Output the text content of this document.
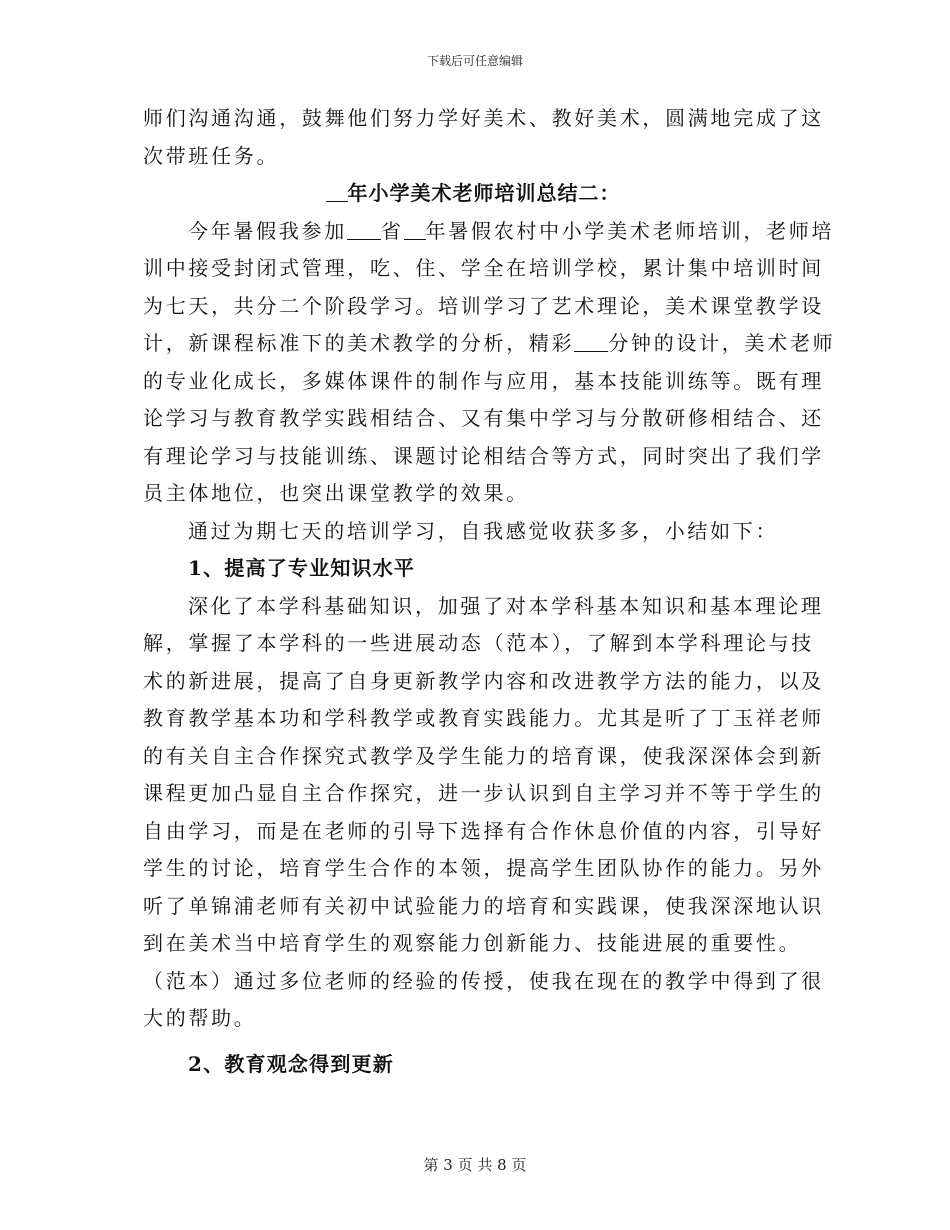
下载后可任意编辑
师们沟通沟通，鼓舞他们努力学好美术、教好美术，圆满地完成了这
次带班任务。
年小学美术老师培训总结二：
今年暑假我参加 省 年暑假农村中小学美术老师培训，老师培
训中接受封闭式管理，吃、住、学全在培训学校，累计集中培训时间
为七天，共分二个阶段学习。培训学习了艺术理论，美术课堂教学设
计，新课程标准下的美术教学的分析，精彩 分钟的设计，美术老师
的专业化成长，多媒体课件的制作与应用，基本技能训练等。既有理
论学习与教育教学实践相结合、又有集中学习与分散研修相结合、还
有理论学习与技能训练、课题讨论相结合等方式，同时突出了我们学
员主体地位，也突出课堂教学的效果。
通过为期七天的培训学习，自我感觉收获多多，小结如下：
1、提高了专业知识水平
深化了本学科基础知识，加强了对本学科基本知识和基本理论理
解，掌握了本学科的一些进展动态（范本），了解到本学科理论与技
术的新进展，提高了自身更新教学内容和改进教学方法的能力，以及
教育教学基本功和学科教学或教育实践能力。尤其是听了丁玉祥老师
的有关自主合作探究式教学及学生能力的培育课，使我深深体会到新
课程更加凸显自主合作探究，进一步认识到自主学习并不等于学生的
自由学习，而是在老师的引导下选择有合作休息价值的内容，引导好
学生的讨论，培育学生合作的本领，提高学生团队协作的能力。另外
听了单锦浦老师有关初中试验能力的培育和实践课，使我深深地认识
到在美术当中培育学生的观察能力创新能力、技能进展的重要性。
（范本）通过多位老师的经验的传授，使我在现在的教学中得到了很
大的帮助。
2、教育观念得到更新
第 3 页 共 8 页
